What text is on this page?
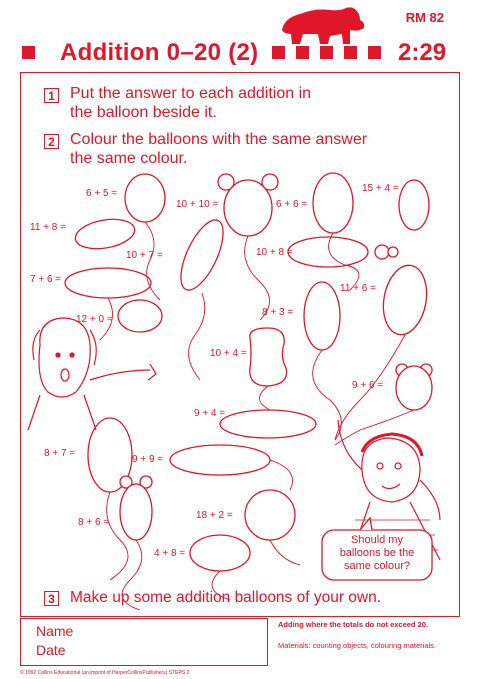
RM 82
Addition 0–20 (2)	2:29
1 Put the answer to each addition in
the balloon beside it.
2 Colour the balloons with the same answer
the same colour.
6 + 5 =
10 + 10 =	6 + 6 =
15 + 4 =
11 + 8 =
10 + 7 =	10 + 8 =
7 + 6 =
11 + 6 =
12 + 0 =
8 + 3 =
10 + 4 =
9 + 6 =
9 + 4 =
8 + 7 =
9 + 9 =
18 + 2 =
8 + 6 =
4 + 8 =
Should my
balloons be the
same colour?
3 Make up some addition balloons of your own.
Name
Date
Adding where the totals do not exceed 20.
Materials: counting objects, colouring materials.
© 1992 Collins Educational (an imprint of HarperCollinsPublishers) STEPS 2
